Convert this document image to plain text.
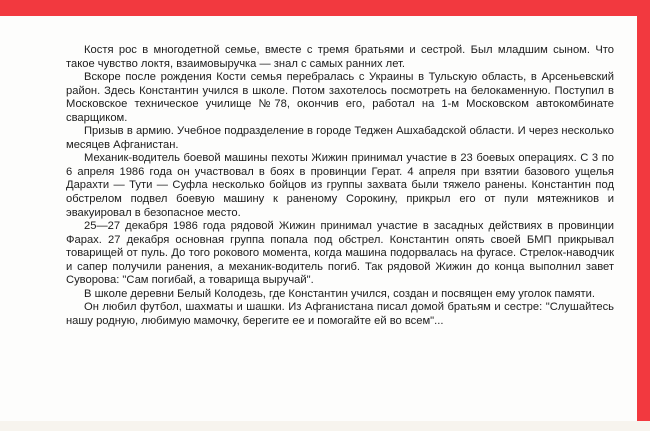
Костя рос в многодетной семье, вместе с тремя братьями и сестрой. Был младшим сыном. Что такое чувство локтя, взаимовыручка — знал с самых ранних лет.

Вскоре после рождения Кости семья перебралась с Украины в Тульскую область, в Арсеньевский район. Здесь Константин учился в школе. Потом захотелось посмотреть на белокаменную. Поступил в Московское техническое училище №78, окончив его, работал на 1-м Московском автокомбинате сварщиком.

Призыв в армию. Учебное подразделение в городе Теджен Ашхабадской области. И через несколько месяцев Афганистан.

Механик-водитель боевой машины пехоты Жижин принимал участие в 23 боевых операциях. С 3 по 6 апреля 1986 года он участвовал в боях в провинции Герат. 4 апреля при взятии базового ущелья Дарахти — Тути — Суфла несколько бойцов из группы захвата были тяжело ранены. Константин под обстрелом подвел боевую машину к раненому Сорокину, прикрыл его от пули мятежников и эвакуировал в безопасное место.

25—27 декабря 1986 года рядовой Жижин принимал участие в засадных действиях в провинции Фарах. 27 декабря основная группа попала под обстрел. Константин опять своей БМП прикрывал товарищей от пуль. До того рокового момента, когда машина подорвалась на фугасе. Стрелок-наводчик и сапер получили ранения, а механик-водитель погиб. Так рядовой Жижин до конца выполнил завет Суворова: "Сам погибай, а товарища выручай".

В школе деревни Белый Колодезь, где Константин учился, создан и посвящен ему уголок памяти.

Он любил футбол, шахматы и шашки. Из Афганистана писал домой братьям и сестре: "Слушайтесь нашу родную, любимую мамочку, берегите ее и помогайте ей во всем"...
